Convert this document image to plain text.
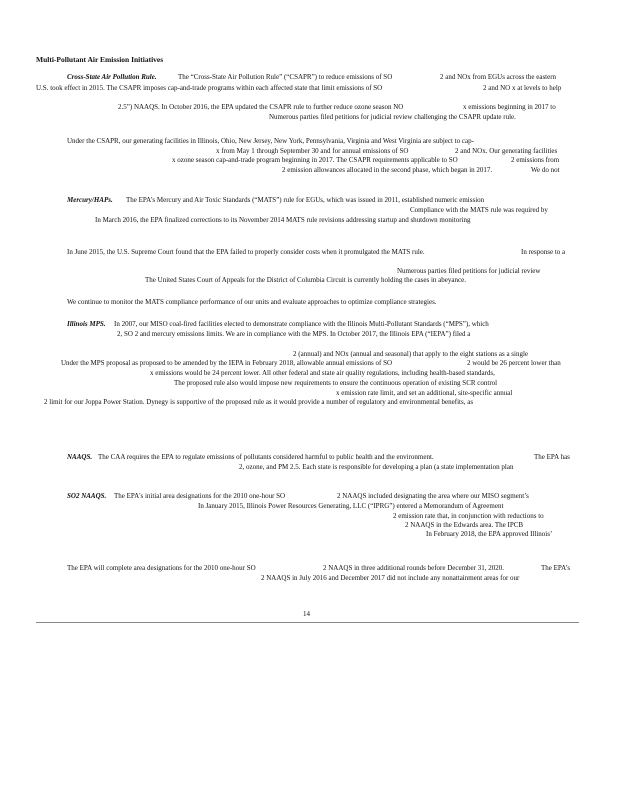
Multi-Pollutant Air Emission Initiatives
Cross-State Air Pollution Rule.	The “Cross-State Air Pollution Rule” (“CSAPR”) to reduce emissions of SO	2 and NOx from EGUs across the eastern
U.S. took effect in 2015. The CSAPR imposes cap-and-trade programs within each affected state that limit emissions of SO	2 and NO x at levels to help
2.5”) NAAQS. In October 2016, the EPA updated the CSAPR rule to further reduce ozone season NO	x emissions beginning in 2017 to
Numerous parties filed petitions for judicial review challenging the CSAPR update rule.
Under the CSAPR, our generating facilities in Illinois, Ohio, New Jersey, New York, Pennsylvania, Virginia and West Virginia are subject to cap-
x from May 1 through September 30 and for annual emissions of SO	2 and NOx. Our generating facilities
x ozone season cap-and-trade program beginning in 2017. The CSAPR requirements applicable to SO	2 emissions from
2 emission allowances allocated in the second phase, which began in 2017.	We do not
Mercury/HAPs. The EPA’s Mercury and Air Toxic Standards (“MATS”) rule for EGUs, which was issued in 2011, established numeric emission
Compliance with the MATS rule was required by
In March 2016, the EPA finalized corrections to its November 2014 MATS rule revisions addressing startup and shutdown monitoring
In June 2015, the U.S. Supreme Court found that the EPA failed to properly consider costs when it promulgated the MATS rule.	In response to a
Numerous parties filed petitions for judicial review
The United States Court of Appeals for the District of Columbia Circuit is currently holding the cases in abeyance.
We continue to monitor the MATS compliance performance of our units and evaluate approaches to optimize compliance strategies.
Illinois MPS. In 2007, our MISO coal-fired facilities elected to demonstrate compliance with the Illinois Multi-Pollutant Standards (“MPS”), which
2, SO 2 and mercury emissions limits. We are in compliance with the MPS. In October 2017, the Illinois EPA (“IEPA”) filed a
2 (annual) and NOx (annual and seasonal) that apply to the eight stations as a single
Under the MPS proposal as proposed to be amended by the IEPA in February 2018, allowable annual emissions of SO	2 would be 26 percent lower than
x emissions would be 24 percent lower. All other federal and state air quality regulations, including health-based standards,
The proposed rule also would impose new requirements to ensure the continuous operation of existing SCR control
x emission rate limit, and set an additional, site-specific annual
2 limit for our Joppa Power Station. Dynegy is supportive of the proposed rule as it would provide a number of regulatory and environmental benefits, as
NAAQS. The CAA requires the EPA to regulate emissions of pollutants considered harmful to public health and the environment.	The EPA has
2, ozone, and PM 2.5. Each state is responsible for developing a plan (a state implementation plan
SO2 NAAQS. The EPA's initial area designations for the 2010 one-hour SO	2 NAAQS included designating the area where our MISO segment’s
In January 2015, Illinois Power Resources Generating, LLC (“IPRG”) entered a Memorandum of Agreement
2 emission rate that, in conjunction with reductions to
2 NAAQS in the Edwards area. The IPCB
In February 2018, the EPA approved Illinois’
The EPA will complete area designations for the 2010 one-hour SO	2 NAAQS in three additional rounds before December 31, 2020.	The EPA’s
2 NAAQS in July 2016 and December 2017 did not include any nonattainment areas for our
14
